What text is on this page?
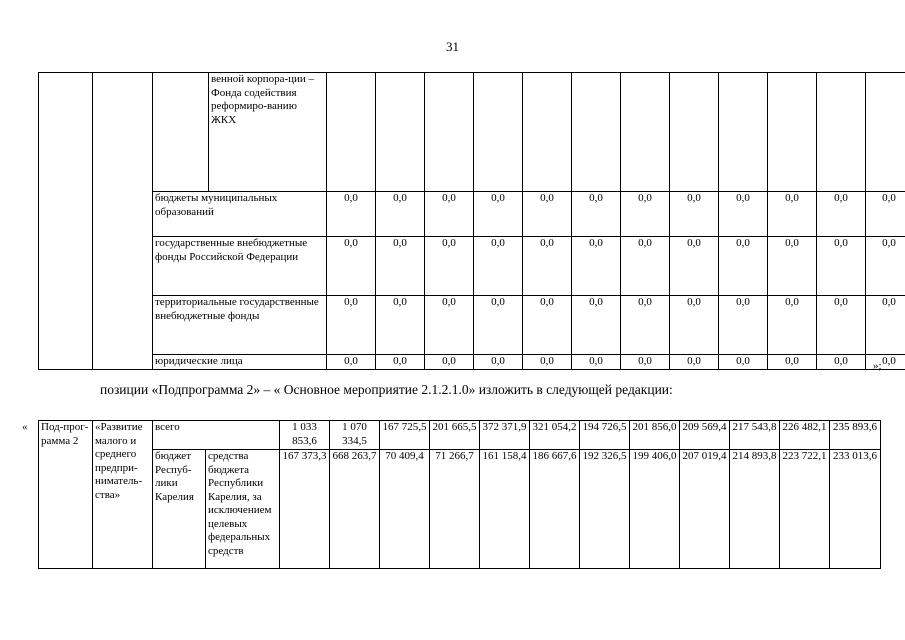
31
			венной корпора-ции – Фонда содействия реформиро-ванию ЖКХ												
		бюджеты муниципальных образований		0,0	0,0	0,0	0,0	0,0	0,0	0,0	0,0	0,0	0,0	0,0	0,0
		государственные внебюджетные фонды Российской Федерации		0,0	0,0	0,0	0,0	0,0	0,0	0,0	0,0	0,0	0,0	0,0	0,0
		территориальные государственные внебюджетные фонды		0,0	0,0	0,0	0,0	0,0	0,0	0,0	0,0	0,0	0,0	0,0	0,0
		юридические лица		0,0	0,0	0,0	0,0	0,0	0,0	0,0	0,0	0,0	0,0	0,0	0,0
»;
позиции «Подпрограмма 2» – « Основное мероприятие 2.1.2.1.0» изложить в следующей редакции:
« Под-прог-рамма 2	«Развитие малого и среднего предпри-ниматель-ства»	всего		1 033 853,6	1 070 334,5	167 725,5	201 665,5	372 371,9	321 054,2	194 726,5	201 856,0	209 569,4	217 543,8	226 482,1	235 893,6
		бюджет Респуб-лики Карелия	средства бюджета Республики Карелия, за исключением целевых федеральных средств	167 373,3	668 263,7	70 409,4	71 266,7	161 158,4	186 667,6	192 326,5	199 406,0	207 019,4	214 893,8	223 722,1	233 013,6
